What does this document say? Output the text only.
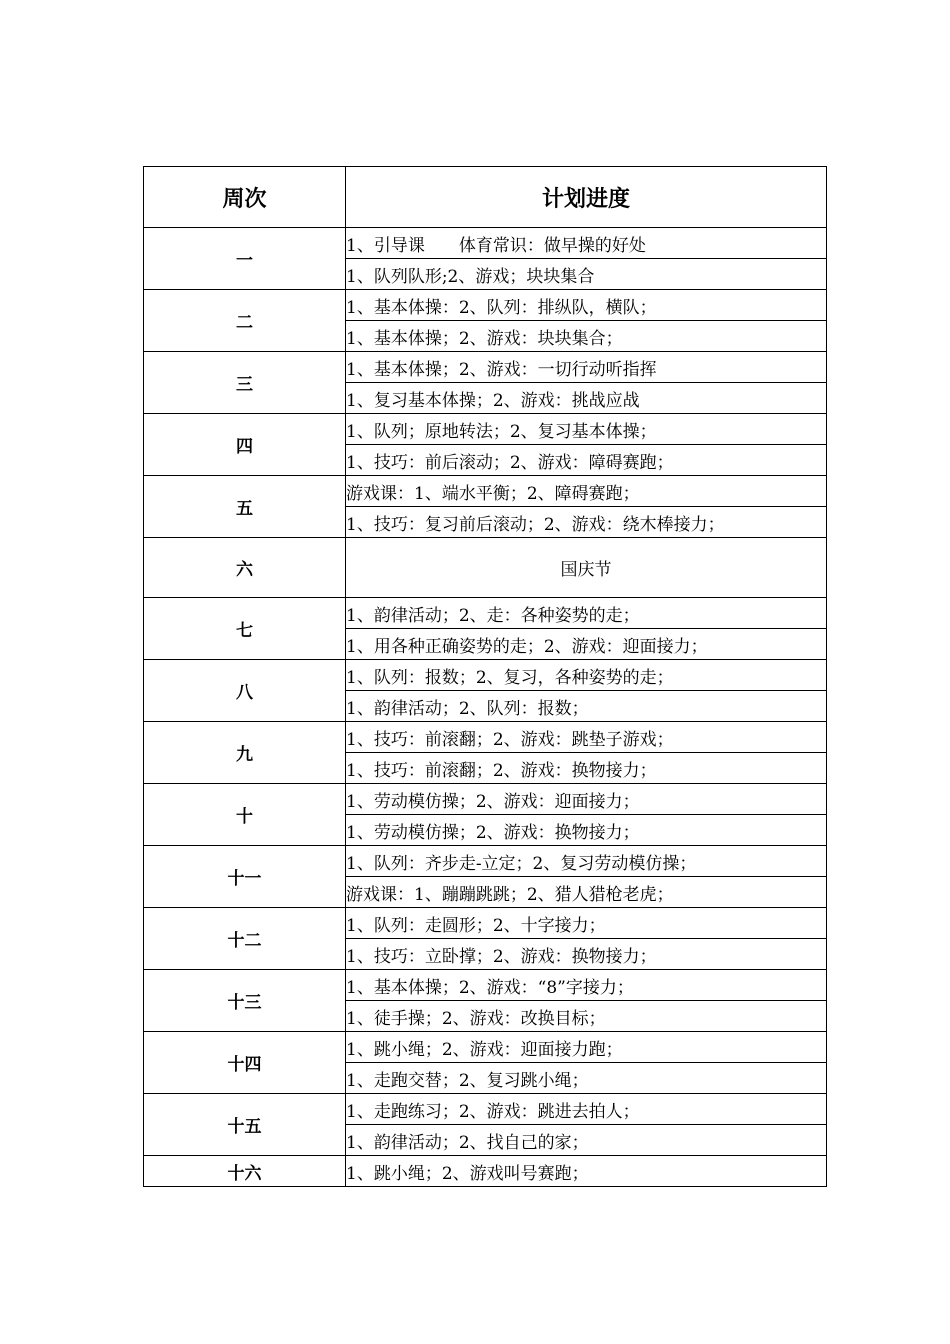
周次	计划进度
一	1、引导课　　体育常识：做早操的好处
	1、队列队形;2、游戏；块块集合
二	1、基本体操：2、队列：排纵队，横队；
	1、基本体操；2、游戏：块块集合；
三	1、基本体操；2、游戏：一切行动听指挥
	1、复习基本体操；2、游戏：挑战应战
四	1、队列；原地转法；2、复习基本体操；
	1、技巧：前后滚动；2、游戏：障碍赛跑；
五	游戏课：1、端水平衡；2、障碍赛跑；
	1、技巧：复习前后滚动；2、游戏：绕木棒接力；
六	国庆节
七	1、韵律活动；2、走：各种姿势的走；
	1、用各种正确姿势的走；2、游戏：迎面接力；
八	1、队列：报数；2、复习，各种姿势的走；
	1、韵律活动；2、队列：报数；
九	1、技巧：前滚翻；2、游戏：跳垫子游戏；
	1、技巧：前滚翻；2、游戏：换物接力；
十	1、劳动模仿操；2、游戏：迎面接力；
	1、劳动模仿操；2、游戏：换物接力；
十一	1、队列：齐步走-立定；2、复习劳动模仿操；
	游戏课：1、蹦蹦跳跳；2、猎人猎枪老虎；
十二	1、队列：走圆形；2、十字接力；
	1、技巧：立卧撑；2、游戏：换物接力；
十三	1、基本体操；2、游戏：“8”字接力；
	1、徒手操；2、游戏：改换目标；
十四	1、跳小绳；2、游戏：迎面接力跑；
	1、走跑交替；2、复习跳小绳；
十五	1、走跑练习；2、游戏：跳进去拍人；
	1、韵律活动；2、找自己的家；
十六	1、跳小绳；2、游戏叫号赛跑；
